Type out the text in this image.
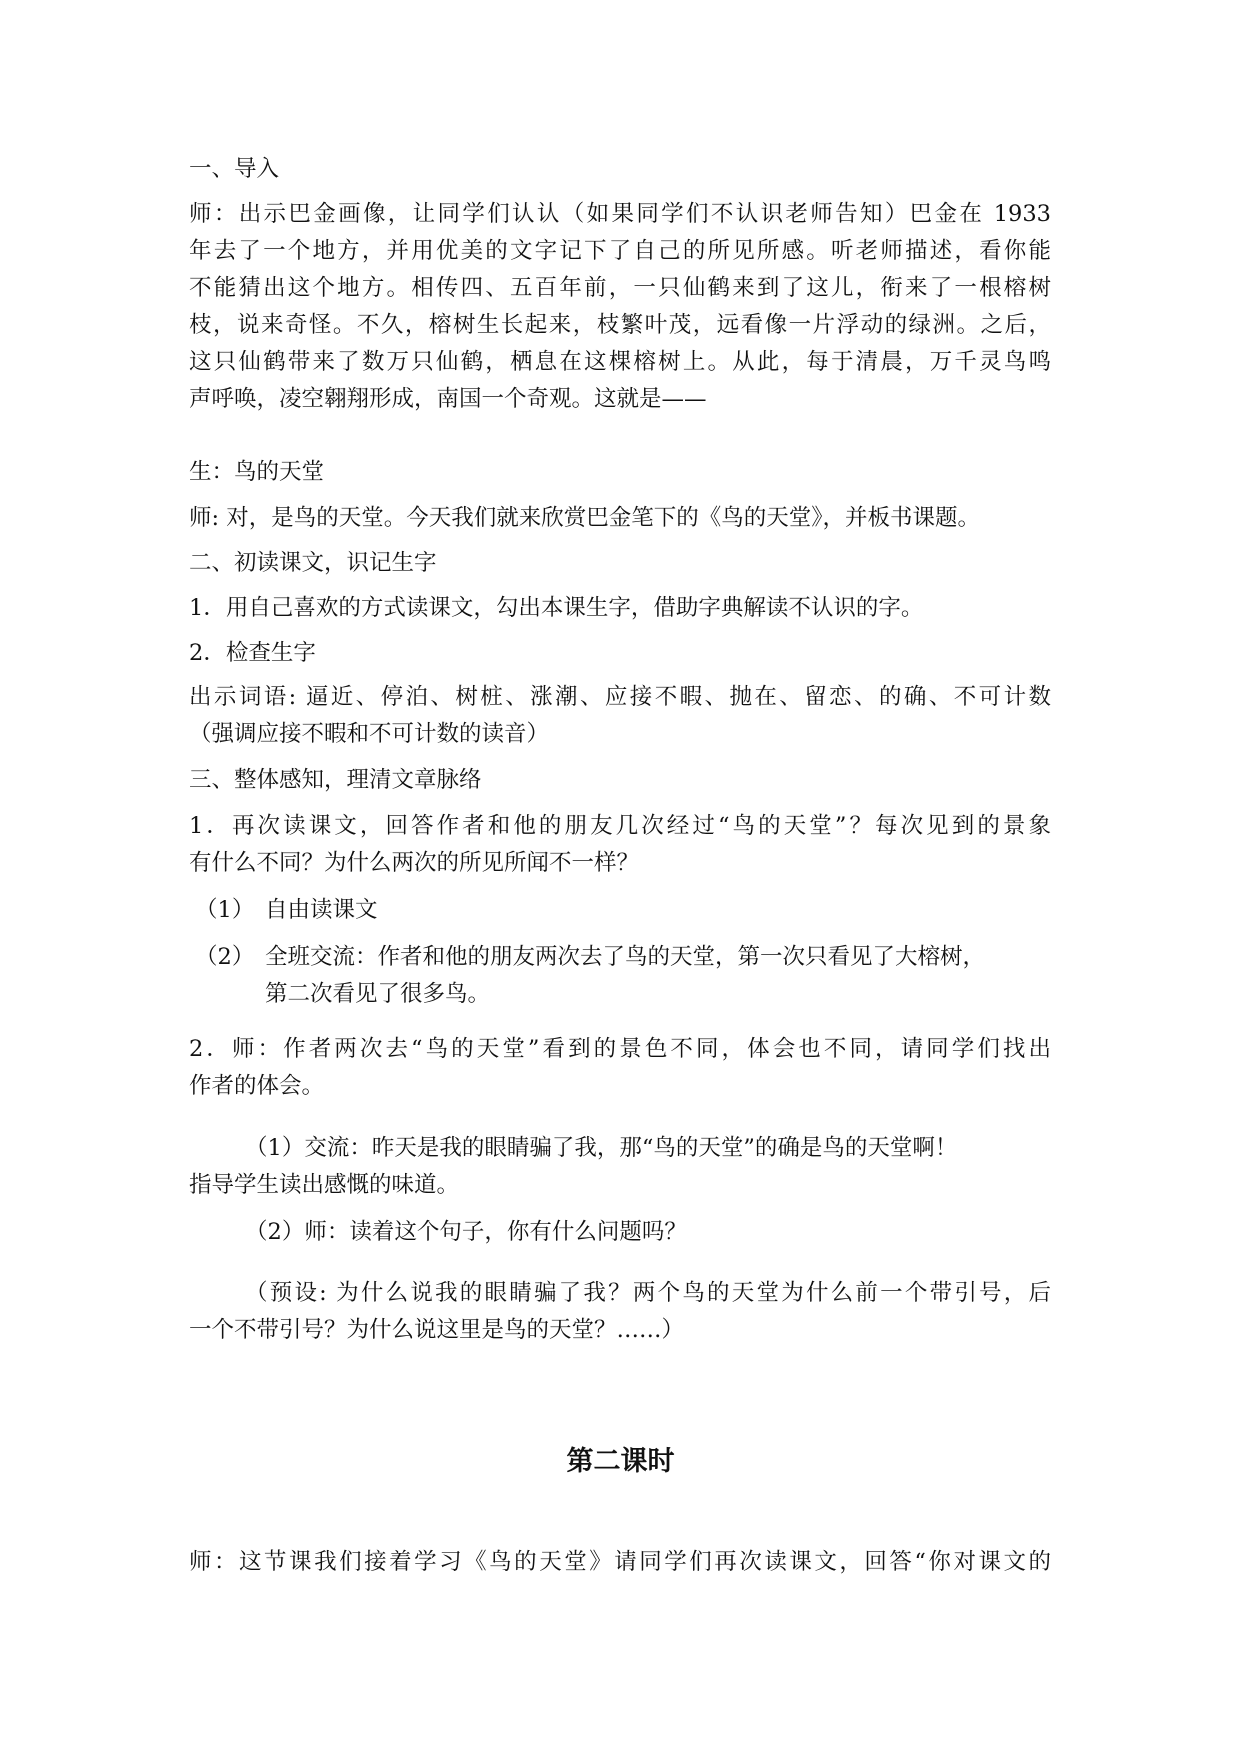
一、导入

师：出示巴金画像，让同学们认认（如果同学们不认识老师告知）巴金在 1933
年去了一个地方，并用优美的文字记下了自己的所见所感。听老师描述，看你能
不能猜出这个地方。相传四、五百年前，一只仙鹤来到了这儿，衔来了一根榕树
枝，说来奇怪。不久，榕树生长起来，枝繁叶茂，远看像一片浮动的绿洲。之后，
这只仙鹤带来了数万只仙鹤，栖息在这棵榕树上。从此，每于清晨，万千灵鸟鸣
声呼唤，凌空翱翔形成，南国一个奇观。这就是——

生：鸟的天堂

师: 对，是鸟的天堂。今天我们就来欣赏巴金笔下的《鸟的天堂》，并板书课题。

二、初读课文，识记生字

1．用自己喜欢的方式读课文，勾出本课生字，借助字典解读不认识的字。

2．检查生字

出示词语: 逼近、停泊、树桩、涨潮、应接不暇、抛在、留恋、的确、不可计数
（强调应接不暇和不可计数的读音）

三、整体感知，理清文章脉络

1．再次读课文，回答作者和他的朋友几次经过“鸟的天堂”？每次见到的景象
有什么不同？为什么两次的所见所闻不一样？

（1） 自由读课文

（2） 全班交流：作者和他的朋友两次去了鸟的天堂，第一次只看见了大榕树，
第二次看见了很多鸟。

2．师：作者两次去“鸟的天堂”看到的景色不同，体会也不同，请同学们找出
作者的体会。

（1）交流：昨天是我的眼睛骗了我，那“鸟的天堂”的确是鸟的天堂啊！
指导学生读出感慨的味道。

（2）师：读着这个句子，你有什么问题吗？

（预设: 为什么说我的眼睛骗了我？两个鸟的天堂为什么前一个带引号，后
一个不带引号？为什么说这里是鸟的天堂？……）

第二课时

师：这节课我们接着学习《鸟的天堂》请同学们再次读课文，回答“你对课文的
